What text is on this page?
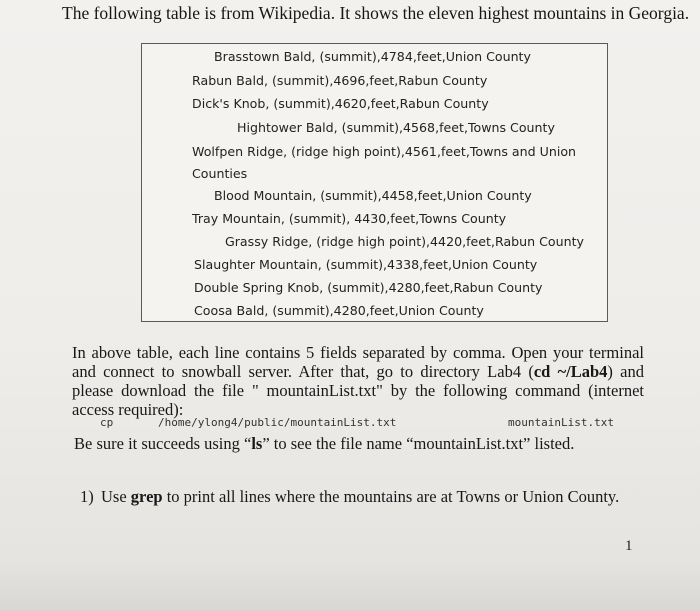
The following table is from Wikipedia. It shows the eleven highest mountains in Georgia.
Brasstown Bald, (summit),4784,feet,Union County
Rabun Bald, (summit),4696,feet,Rabun County
Dick's Knob, (summit),4620,feet,Rabun County
Hightower Bald, (summit),4568,feet,Towns County
Wolfpen Ridge, (ridge high point),4561,feet,Towns and Union
Counties
Blood Mountain, (summit),4458,feet,Union County
Tray Mountain, (summit), 4430,feet,Towns County
Grassy Ridge, (ridge high point),4420,feet,Rabun County
Slaughter Mountain, (summit),4338,feet,Union County
Double Spring Knob, (summit),4280,feet,Rabun County
Coosa Bald, (summit),4280,feet,Union County
In above table, each line contains 5 fields separated by comma. Open your terminal and connect to snowball server. After that, go to directory Lab4 (cd ~/Lab4) and please download the file " mountainList.txt" by the following command (internet access required):
cp	/home/ylong4/public/mountainList.txt	mountainList.txt
Be sure it succeeds using “ls” to see the file name “mountainList.txt” listed.
1) Use grep to print all lines where the mountains are at Towns or Union County.
1
